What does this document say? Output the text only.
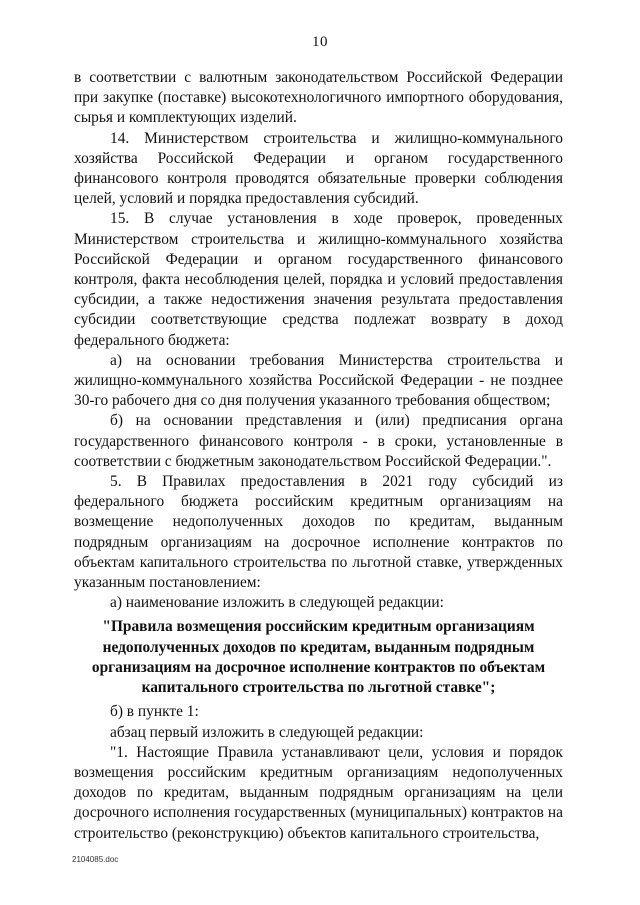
10

в соответствии с валютным законодательством Российской Федерации при закупке (поставке) высокотехнологичного импортного оборудования, сырья и комплектующих изделий.

14. Министерством строительства и жилищно-коммунального хозяйства Российской Федерации и органом государственного финансового контроля проводятся обязательные проверки соблюдения целей, условий и порядка предоставления субсидий.

15. В случае установления в ходе проверок, проведенных Министерством строительства и жилищно-коммунального хозяйства Российской Федерации и органом государственного финансового контроля, факта несоблюдения целей, порядка и условий предоставления субсидии, а также недостижения значения результата предоставления субсидии соответствующие средства подлежат возврату в доход федерального бюджета:

а) на основании требования Министерства строительства и жилищно-коммунального хозяйства Российской Федерации - не позднее 30-го рабочего дня со дня получения указанного требования обществом;

б) на основании представления и (или) предписания органа государственного финансового контроля - в сроки, установленные в соответствии с бюджетным законодательством Российской Федерации.".

5. В Правилах предоставления в 2021 году субсидий из федерального бюджета российским кредитным организациям на возмещение недополученных доходов по кредитам, выданным подрядным организациям на досрочное исполнение контрактов по объектам капитального строительства по льготной ставке, утвержденных указанным постановлением:

а) наименование изложить в следующей редакции:

"Правила возмещения российским кредитным организациям недополученных доходов по кредитам, выданным подрядным организациям на досрочное исполнение контрактов по объектам капитального строительства по льготной ставке";

б) в пункте 1:

абзац первый изложить в следующей редакции:

"1. Настоящие Правила устанавливают цели, условия и порядок возмещения российским кредитным организациям недополученных доходов по кредитам, выданным подрядным организациям на цели досрочного исполнения государственных (муниципальных) контрактов на строительство (реконструкцию) объектов капитального строительства,

2104085.doc
